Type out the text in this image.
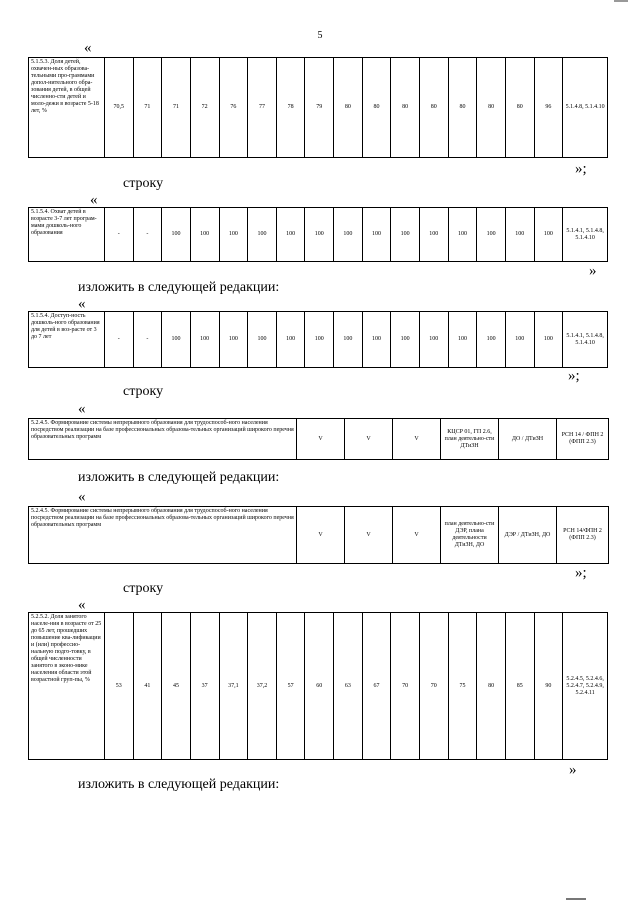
5
«
5.1.5.3. Доля детей, охвачен-ных образова-тельными про-граммами допол-нительного обра-зования детей, в общей численно-сти детей и моло-дежи в возрасте 5-18 лет, %	70,5	71	71	72	76	77	78	79	80	80	80	80	80	80	80	96	5.1.4.8, 5.1.4.10
»;
строку
«
5.1.5.4. Охват детей в возрасте 3-7 лет програм-мами дошколь-ного образования	-	-	100	100	100	100	100	100	100	100	100	100	100	100	100	100	5.1.4.1, 5.1.4.8, 5.1.4.10
»
изложить в следующей редакции:
«
5.1.5.4. Доступ-ность дошколь-ного образования для детей в воз-расте от 3 до 7 лет	-	-	100	100	100	100	100	100	100	100	100	100	100	100	100	100	5.1.4.1, 5.1.4.8, 5.1.4.10
»;
строку
«
5.2.4.5. Формирование системы непрерывного образования для трудоспособ-ного населения посредством реализации на базе профессиональных образова-тельных организаций широкого перечня образовательных программ	V	V	V	КЦСР 01, ГП 2.6, план деятельно-сти ДТиЗН	ДО / ДТиЗН	РСН 14 / ФПН 2 (ФПП 2.3)
изложить в следующей редакции:
«
5.2.4.5. Формирование системы непрерывного образования для трудоспособ-ного населения посредством реализации на базе профессиональных образова-тельных организаций широкого перечня образовательных программ	V	V	V	план деятельно-сти ДЭР, плана деятельности ДТиЗН, ДО	ДЭР / ДТиЗН, ДО	РСН 14/ФПН 2 (ФПП 2.3)
»;
строку
«
5.2.5.2. Доля занятого населе-ния в возрасте от 25 до 65 лет, прошедших повышение ква-лификации и (или) профессио-нальную подго-товку, в общей численности занятого в эконо-мике населения области этой возрастной груп-пы, %	53	41	45	37	37,1	37,2	57	60	63	67	70	70	75	80	85	90	5.2.4.5, 5.2.4.6, 5.2.4.7, 5.2.4.9, 5.2.4.11
»
изложить в следующей редакции:
